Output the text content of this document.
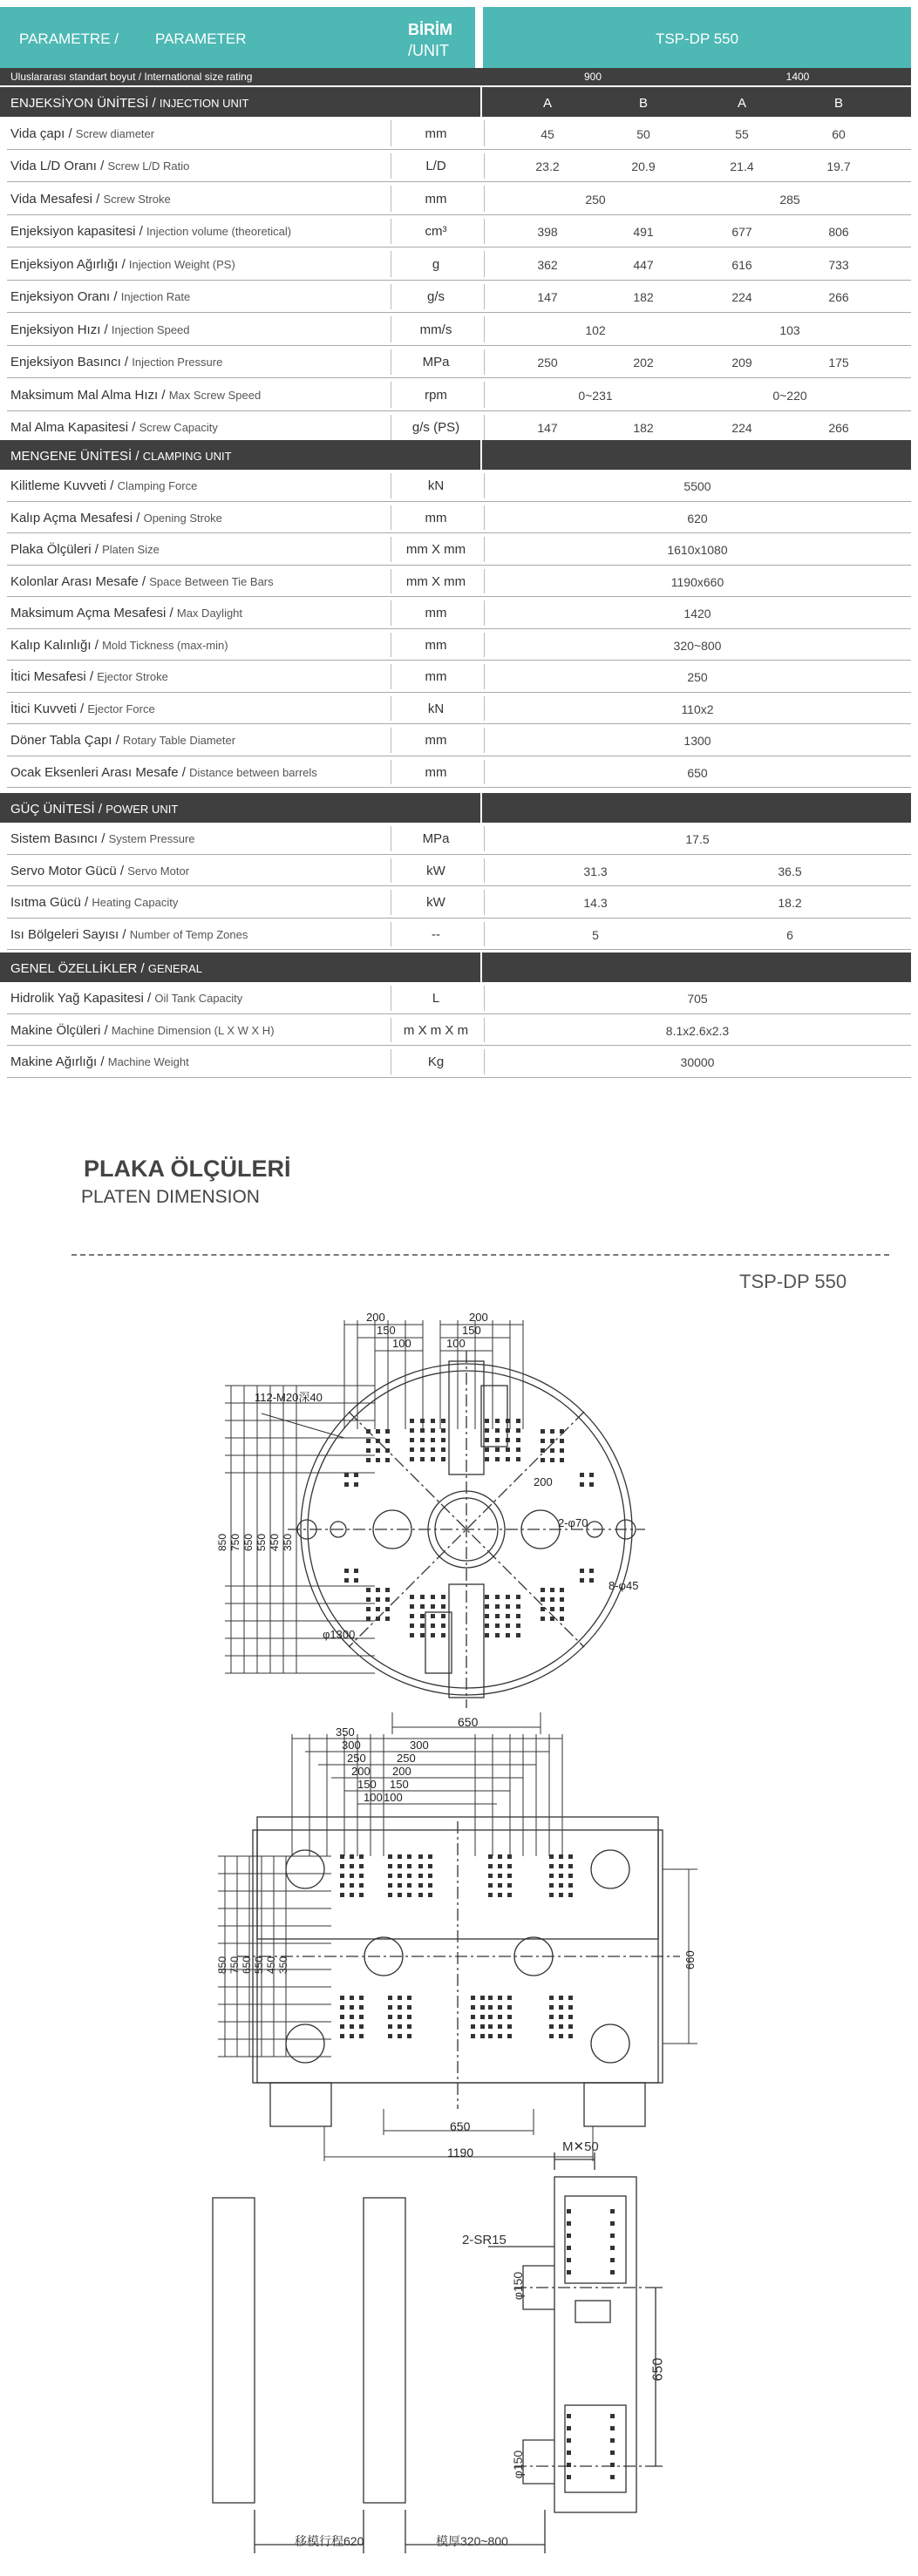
PARAMETRE / PARAMETER
BİRİM
/UNIT
TSP-DP 550
Uluslararası standart boyut / International size rating	900	1400
ENJEKSİYON ÜNİTESİ / INJECTION UNIT	A	B	A	B
Vida çapı / Screw diameter	mm	45	50	55	60
Vida L/D Oranı / Screw L/D Ratio	L/D	23.2	20.9	21.4	19.7
Vida Mesafesi / Screw Stroke	mm	250	285
Enjeksiyon kapasitesi / Injection volume (theoretical)	cm³	398	491	677	806
Enjeksiyon Ağırlığı / Injection Weight (PS)	g	362	447	616	733
Enjeksiyon Oranı / Injection Rate	g/s	147	182	224	266
Enjeksiyon Hızı / Injection Speed	mm/s	102	103
Enjeksiyon Basıncı / Injection Pressure	MPa	250	202	209	175
Maksimum Mal Alma Hızı / Max Screw Speed	rpm	0~231	0~220
Mal Alma Kapasitesi / Screw Capacity	g/s (PS)	147	182	224	266
MENGENE ÜNİTESİ / CLAMPING UNIT
Kilitleme Kuvveti / Clamping Force	kN	5500
Kalıp Açma Mesafesi / Opening Stroke	mm	620
Plaka Ölçüleri / Platen Size	mm X mm	1610x1080
Kolonlar Arası Mesafe / Space Between Tie Bars	mm X mm	1190x660
Maksimum Açma Mesafesi / Max Daylight	mm	1420
Kalıp Kalınlığı / Mold Tickness (max-min)	mm	320~800
İtici Mesafesi / Ejector Stroke	mm	250
İtici Kuvveti / Ejector Force	kN	110x2
Döner Tabla Çapı / Rotary Table Diameter	mm	1300
Ocak Eksenleri Arası Mesafe / Distance between barrels	mm	650
GÜÇ ÜNİTESİ / POWER UNIT
Sistem Basıncı / System Pressure	MPa	17.5
Servo Motor Gücü / Servo Motor	kW	31.3	36.5
Isıtma Gücü / Heating Capacity	kW	14.3	18.2
Isı Bölgeleri Sayısı / Number of Temp Zones	--	5	6
GENEL ÖZELLİKLER / GENERAL
Hidrolik Yağ Kapasitesi / Oil Tank Capacity	L	705
Makine Ölçüleri / Machine Dimension (L X W X H)	m X m X m	8.1x2.6x2.3
Makine Ağırlığı / Machine Weight	Kg	30000
PLAKA ÖLÇÜLERİ
PLATEN DIMENSION
TSP-DP 550
M✕50
2-SR15
φ150
φ150
650
移模行程620	模厚320~800
200	200
150	150
100	100
112-M20深40
850 750 650 550 450 350
200
2-φ70
8-φ45
φ1300
650
350
300	300
250	250
200 200
150 150
100 100
850 750 650 550 450 350	660
650
1190
